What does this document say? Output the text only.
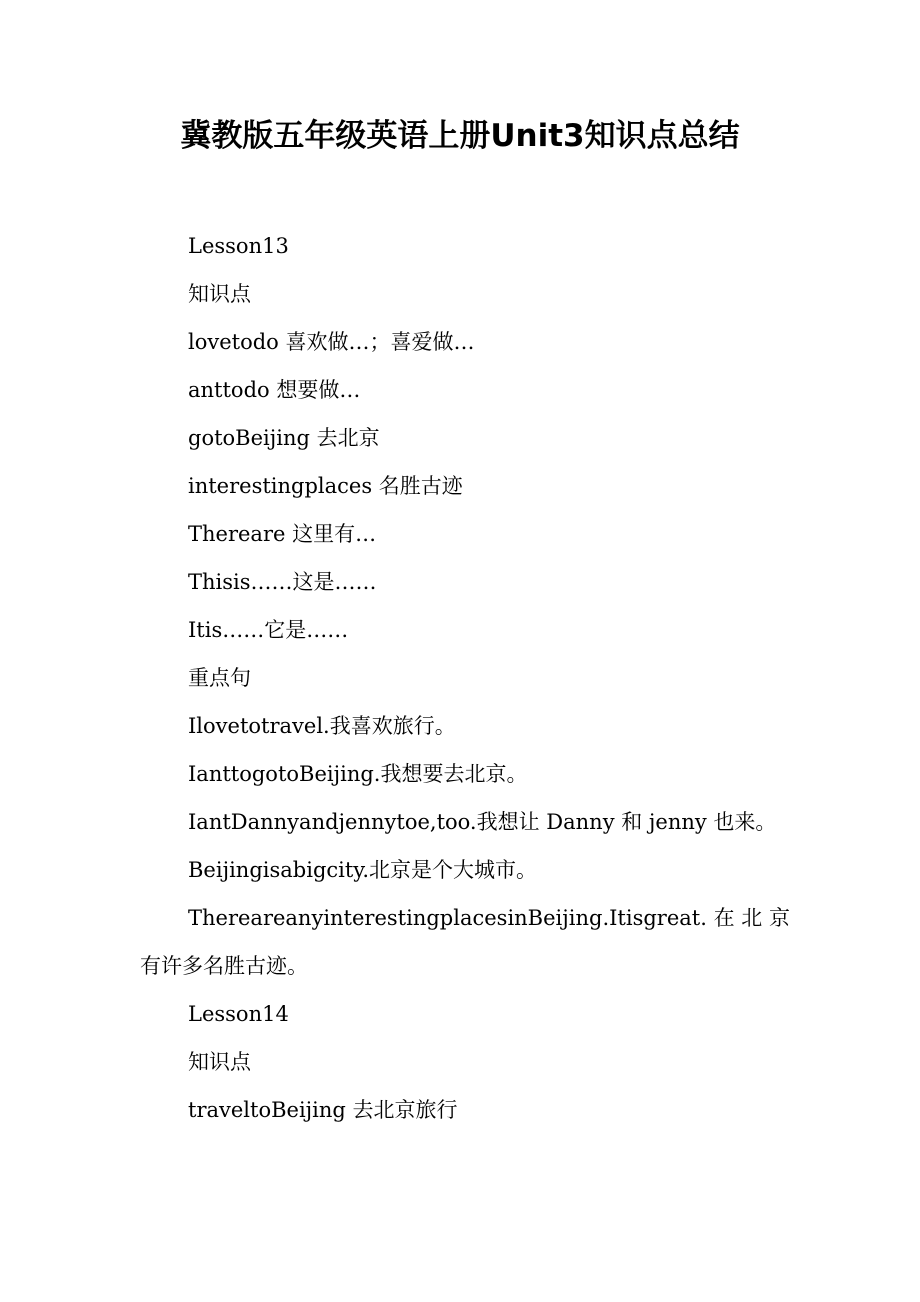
冀教版五年级英语上册Unit3知识点总结

Lesson13

知识点

lovetodo 喜欢做…；喜爱做…

anttodo 想要做…

gotoBeijing 去北京

interestingplaces 名胜古迹

Thereare 这里有…

Thisis……这是……

Itis……它是……

重点句

Ilovetotravel.我喜欢旅行。

IanttogotoBeijing.我想要去北京。

IantDannyandjennytoe,too.我想让 Danny 和 jenny 也来。

Beijingisabigcity.北京是个大城市。

ThereareanyinterestingplacesinBeijing.Itisgreat.在北京有许多名胜古迹。

Lesson14

知识点

traveltoBeijing 去北京旅行
